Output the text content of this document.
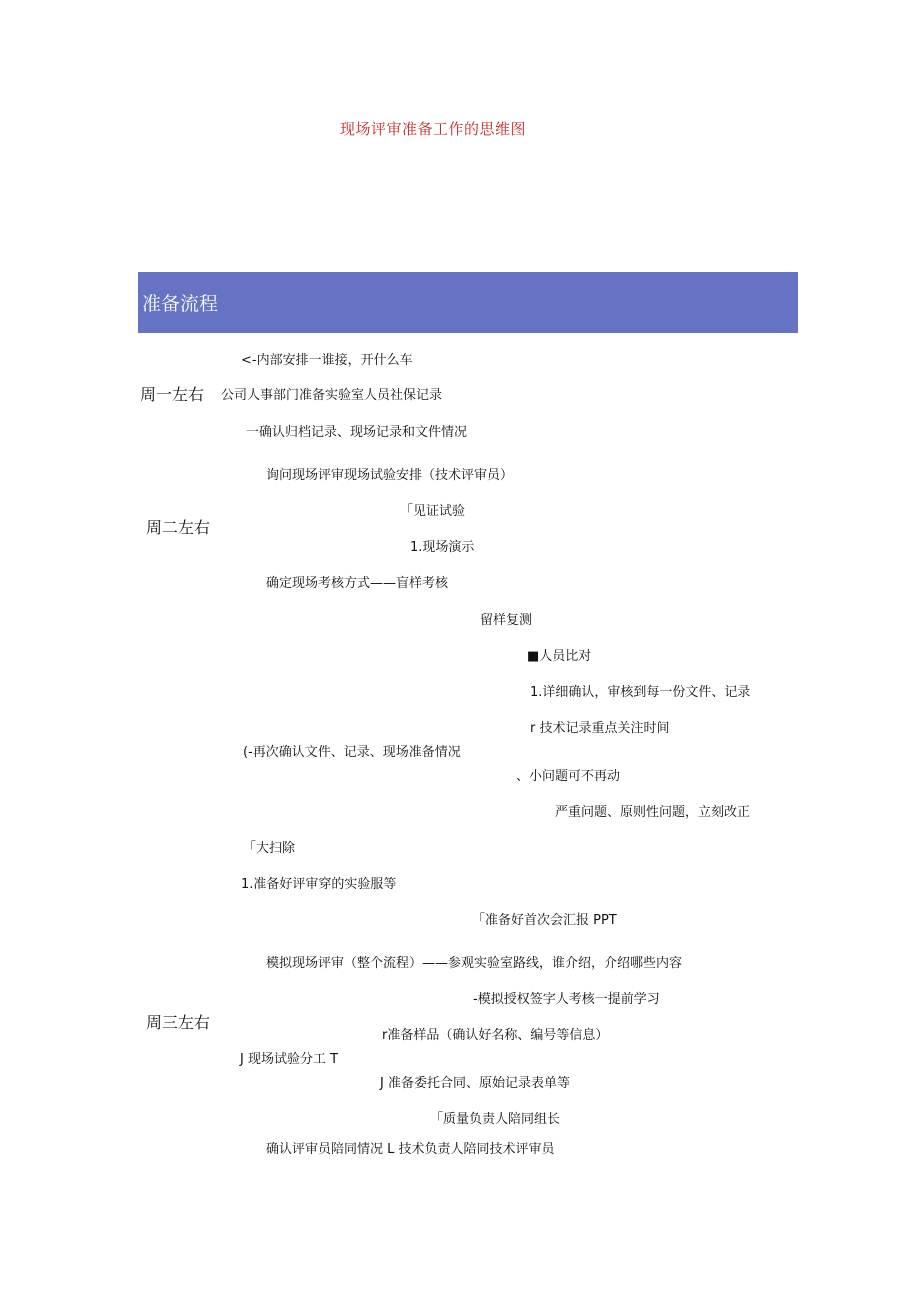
现场评审准备工作的思维图
准备流程
<-内部安排一谁接，开什么车
周一左右 公司人事部门准备实验室人员社保记录
一确认归档记录、现场记录和文件情况
询问现场评审现场试验安排（技术评审员）
「见证试验
周二左右
1.现场演示
确定现场考核方式——盲样考核
留样复测
■人员比对
1.详细确认，审核到每一份文件、记录
r 技术记录重点关注时间
(-再次确认文件、记录、现场准备情况
、小问题可不再动
严重问题、原则性问题，立刻改正
「大扫除
1.准备好评审穿的实验服等
「准备好首次会汇报 PPT
模拟现场评审（整个流程）——参观实验室路线，谁介绍，介绍哪些内容
-模拟授权签字人考核一提前学习
周三左右
r准备样品（确认好名称、编号等信息）
J 现场试验分工 T
J 准备委托合同、原始记录表单等
「质量负责人陪同组长
确认评审员陪同情况 L 技术负责人陪同技术评审员
